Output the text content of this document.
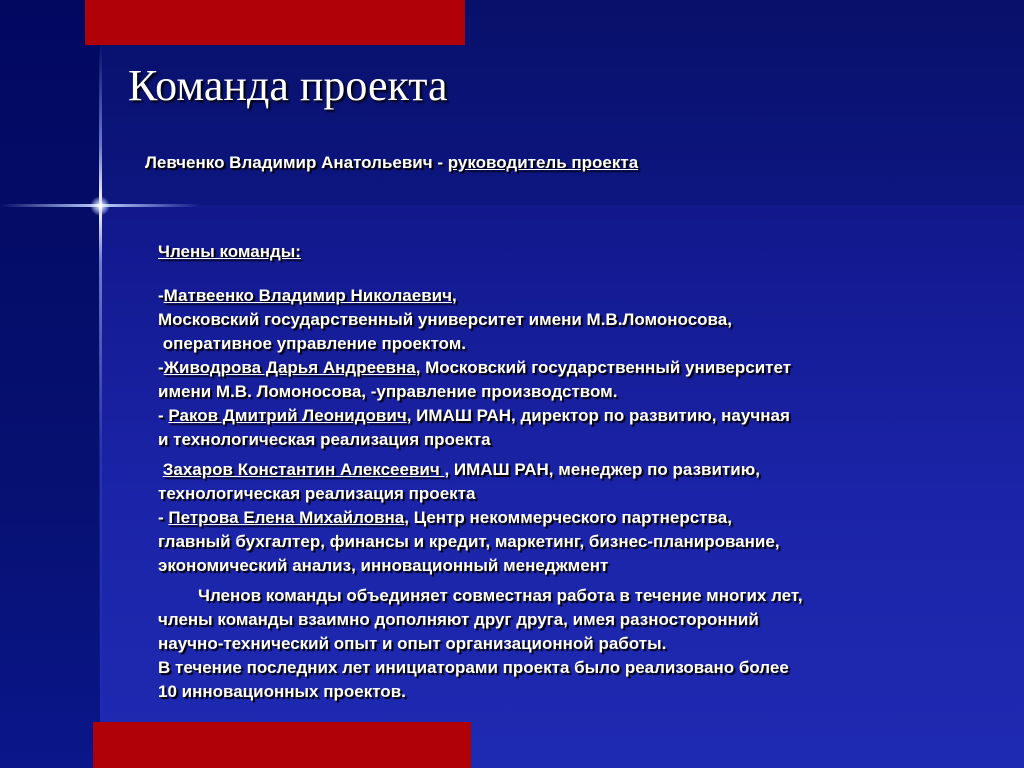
Команда проекта
Левченко Владимир Анатольевич - руководитель проекта
Члены команды:
-Матвеенко Владимир Николаевич,
Московский государственный университет имени М.В.Ломоносова,
оперативное управление проектом.
-Живодрова Дарья Андреевна, Московский государственный университет
имени М.В. Ломоносова, -управление производством.
- Раков Дмитрий Леонидович, ИМАШ РАН, директор по развитию, научная
и технологическая реализация проекта
Захаров Константин Алексеевич , ИМАШ РАН, менеджер по развитию,
технологическая реализация проекта
- Петрова Елена Михайловна, Центр некоммерческого партнерства,
главный бухгалтер, финансы и кредит, маркетинг, бизнес-планирование,
экономический анализ, инновационный менеджмент
Членов команды объединяет совместная работа в течение многих лет,
члены команды взаимно дополняют друг друга, имея разносторонний
научно-технический опыт и опыт организационной работы.
В течение последних лет инициаторами проекта было реализовано более
10 инновационных проектов.
